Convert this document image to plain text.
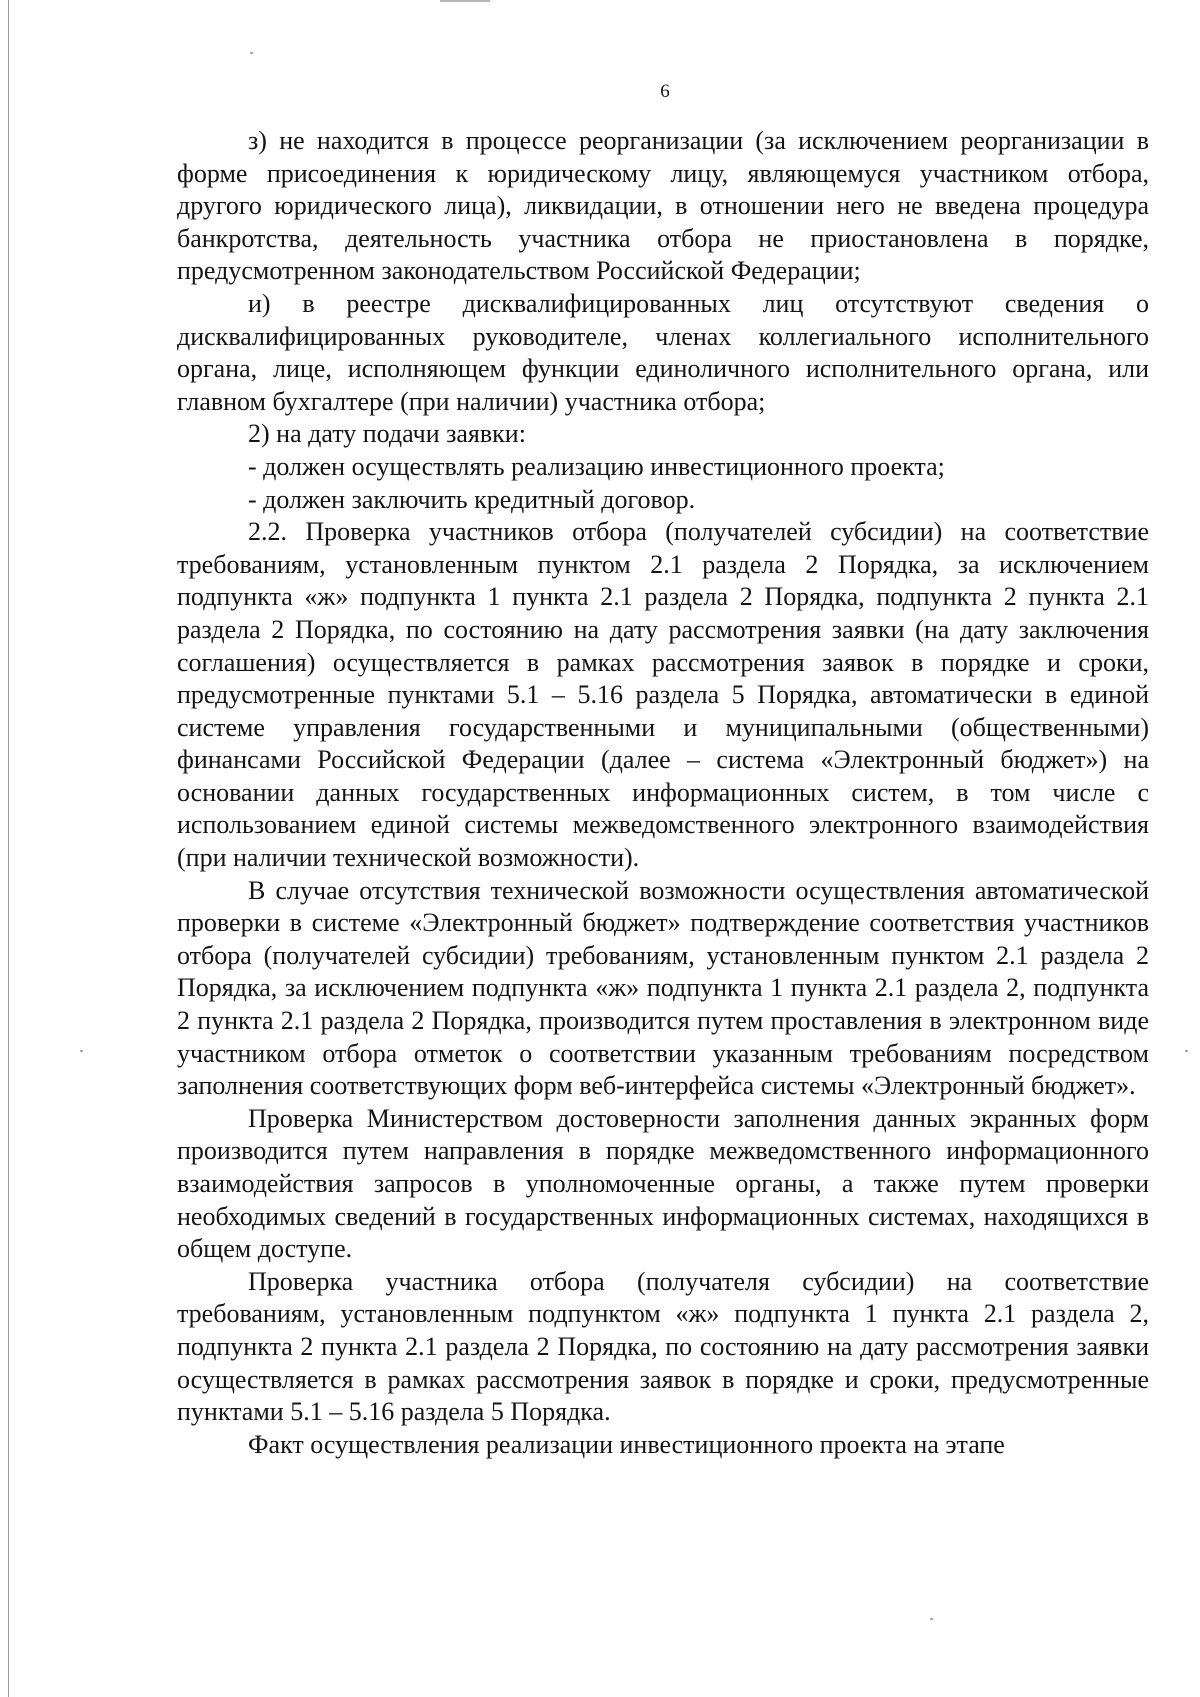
6

з) не находится в процессе реорганизации (за исключением реорганизации в форме присоединения к юридическому лицу, являющемуся участником отбора, другого юридического лица), ликвидации, в отношении него не введена процедура банкротства, деятельность участника отбора не приостановлена в порядке, предусмотренном законодательством Российской Федерации;

и) в реестре дисквалифицированных лиц отсутствуют сведения о дисквалифицированных руководителе, членах коллегиального исполнительного органа, лице, исполняющем функции единоличного исполнительного органа, или главном бухгалтере (при наличии) участника отбора;

2) на дату подачи заявки:

- должен осуществлять реализацию инвестиционного проекта;

- должен заключить кредитный договор.

2.2. Проверка участников отбора (получателей субсидии) на соответствие требованиям, установленным пунктом 2.1 раздела 2 Порядка, за исключением подпункта «ж» подпункта 1 пункта 2.1 раздела 2 Порядка, подпункта 2 пункта 2.1 раздела 2 Порядка, по состоянию на дату рассмотрения заявки (на дату заключения соглашения) осуществляется в рамках рассмотрения заявок в порядке и сроки, предусмотренные пунктами 5.1 – 5.16 раздела 5 Порядка, автоматически в единой системе управления государственными и муниципальными (общественными) финансами Российской Федерации (далее – система «Электронный бюджет») на основании данных государственных информационных систем, в том числе с использованием единой системы межведомственного электронного взаимодействия (при наличии технической возможности).

В случае отсутствия технической возможности осуществления автоматической проверки в системе «Электронный бюджет» подтверждение соответствия участников отбора (получателей субсидии) требованиям, установленным пунктом 2.1 раздела 2 Порядка, за исключением подпункта «ж» подпункта 1 пункта 2.1 раздела 2, подпункта 2 пункта 2.1 раздела 2 Порядка, производится путем проставления в электронном виде участником отбора отметок о соответствии указанным требованиям посредством заполнения соответствующих форм веб-интерфейса системы «Электронный бюджет».

Проверка Министерством достоверности заполнения данных экранных форм производится путем направления в порядке межведомственного информационного взаимодействия запросов в уполномоченные органы, а также путем проверки необходимых сведений в государственных информационных системах, находящихся в общем доступе.

Проверка участника отбора (получателя субсидии) на соответствие требованиям, установленным подпунктом «ж» подпункта 1 пункта 2.1 раздела 2, подпункта 2 пункта 2.1 раздела 2 Порядка, по состоянию на дату рассмотрения заявки осуществляется в рамках рассмотрения заявок в порядке и сроки, предусмотренные пунктами 5.1 – 5.16 раздела 5 Порядка.

Факт осуществления реализации инвестиционного проекта на этапе
